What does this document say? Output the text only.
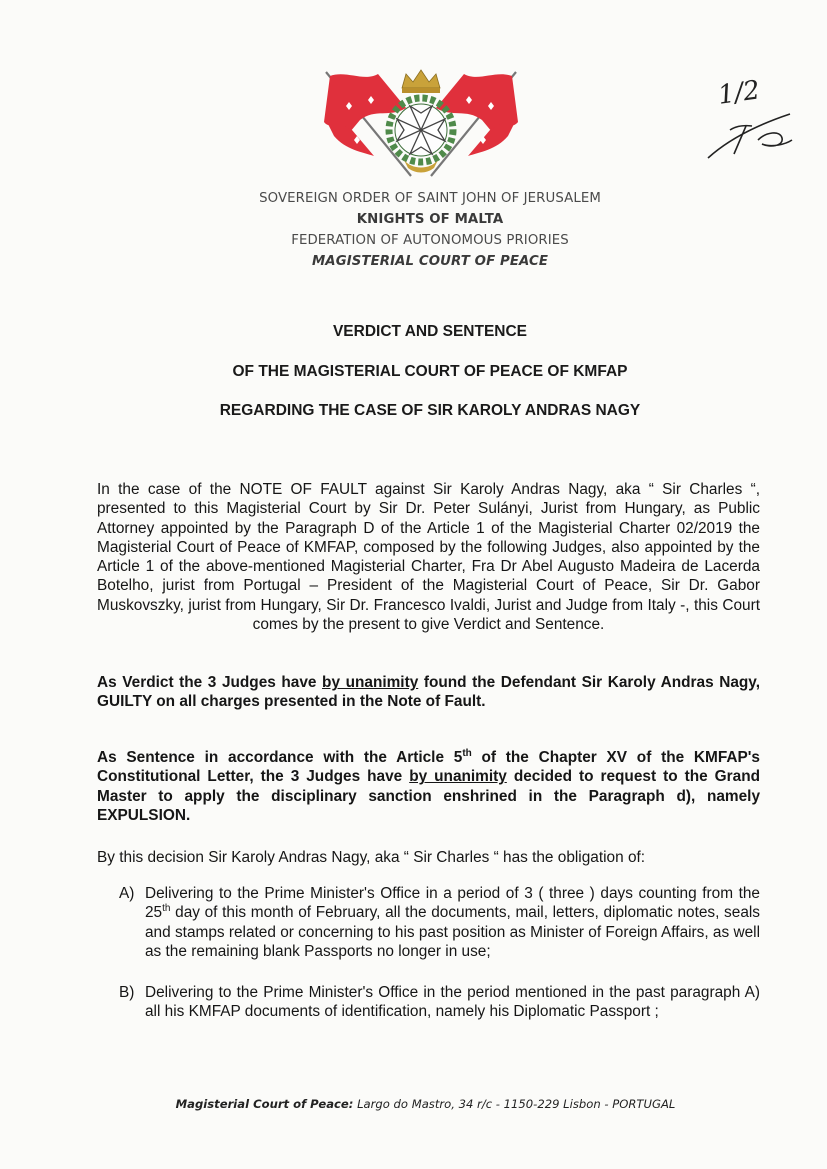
1/2
SOVEREIGN ORDER OF SAINT JOHN OF JERUSALEM
KNIGHTS OF MALTA
FEDERATION OF AUTONOMOUS PRIORIES
MAGISTERIAL COURT OF PEACE
VERDICT AND SENTENCE
OF THE MAGISTERIAL COURT OF PEACE OF KMFAP
REGARDING THE CASE OF SIR KAROLY ANDRAS NAGY
In the case of the NOTE OF FAULT against Sir Karoly Andras Nagy, aka “ Sir Charles “, presented to this Magisterial Court by Sir Dr. Peter Sulányi, Jurist from Hungary, as Public Attorney appointed by the Paragraph D of the Article 1 of the Magisterial Charter 02/2019 the Magisterial Court of Peace of KMFAP, composed by the following Judges, also appointed by the Article 1 of the above-mentioned Magisterial Charter, Fra Dr Abel Augusto Madeira de Lacerda Botelho, jurist from Portugal – President of the Magisterial Court of Peace, Sir Dr. Gabor Muskovszky, jurist from Hungary, Sir Dr. Francesco Ivaldi, Jurist and Judge from Italy -, this Court comes by the present to give Verdict and Sentence.
As Verdict the 3 Judges have by unanimity found the Defendant Sir Karoly Andras Nagy, GUILTY on all charges presented in the Note of Fault.
As Sentence in accordance with the Article 5th of the Chapter XV of the KMFAP's Constitutional Letter, the 3 Judges have by unanimity decided to request to the Grand Master to apply the disciplinary sanction enshrined in the Paragraph d), namely EXPULSION.
By this decision Sir Karoly Andras Nagy, aka “ Sir Charles “ has the obligation of:
A) Delivering to the Prime Minister's Office in a period of 3 ( three ) days counting from the 25th day of this month of February, all the documents, mail, letters, diplomatic notes, seals and stamps related or concerning to his past position as Minister of Foreign Affairs, as well as the remaining blank Passports no longer in use;
B) Delivering to the Prime Minister's Office in the period mentioned in the past paragraph A) all his KMFAP documents of identification, namely his Diplomatic Passport ;
Magisterial Court of Peace: Largo do Mastro, 34 r/c - 1150-229 Lisbon - PORTUGAL
